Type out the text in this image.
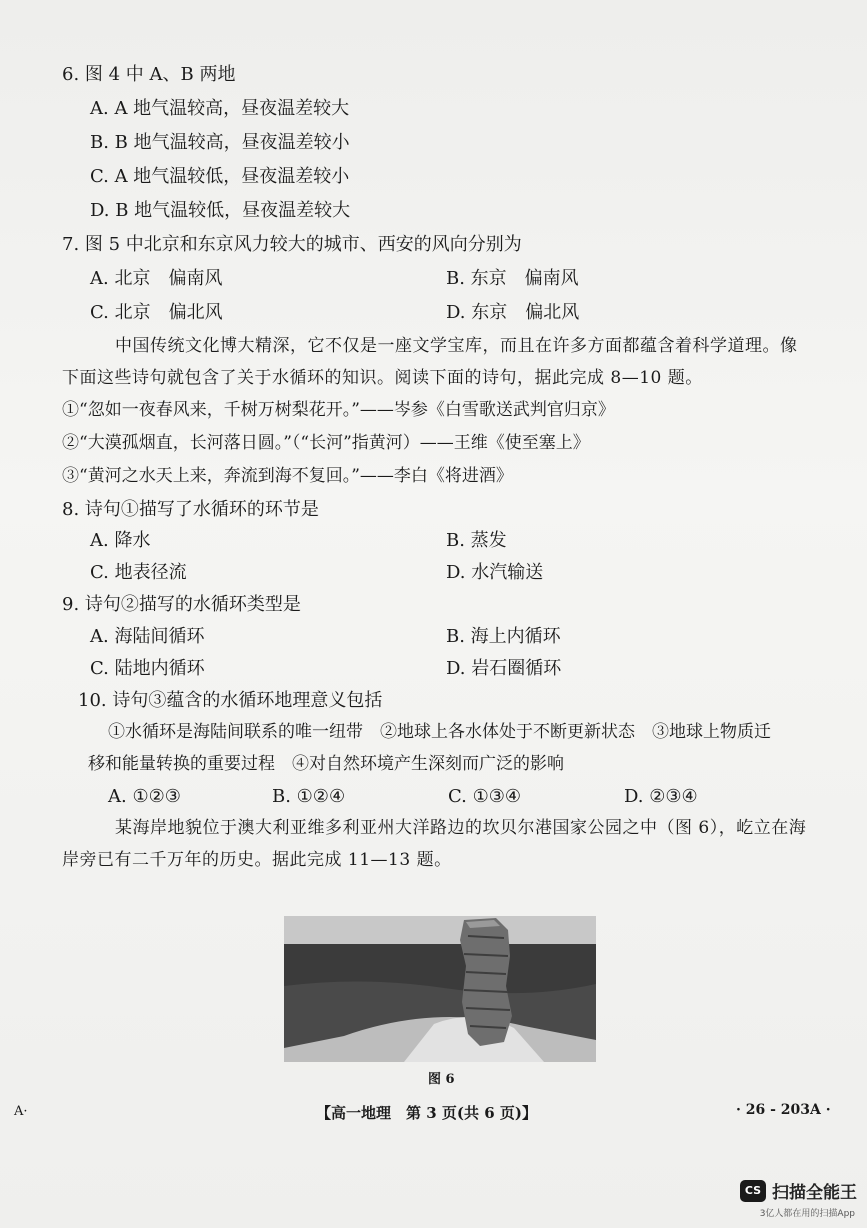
6. 图 4 中 A、B 两地
A. A 地气温较高，昼夜温差较大
B. B 地气温较高，昼夜温差较小
C. A 地气温较低，昼夜温差较小
D. B 地气温较低，昼夜温差较大
7. 图 5 中北京和东京风力较大的城市、西安的风向分别为
A. 北京　偏南风	B. 东京　偏南风
C. 北京　偏北风	D. 东京　偏北风
中国传统文化博大精深，它不仅是一座文学宝库，而且在许多方面都蕴含着科学道理。像
下面这些诗句就包含了关于水循环的知识。阅读下面的诗句，据此完成 8—10 题。
①“忽如一夜春风来，千树万树梨花开。”——岑参《白雪歌送武判官归京》
②“大漠孤烟直，长河落日圆。”（“长河”指黄河）——王维《使至塞上》
③“黄河之水天上来，奔流到海不复回。”——李白《将进酒》
8. 诗句①描写了水循环的环节是
A. 降水	B. 蒸发
C. 地表径流	D. 水汽输送
9. 诗句②描写的水循环类型是
A. 海陆间循环	B. 海上内循环
C. 陆地内循环	D. 岩石圈循环
10. 诗句③蕴含的水循环地理意义包括
①水循环是海陆间联系的唯一纽带　②地球上各水体处于不断更新状态　③地球上物质迁
移和能量转换的重要过程　④对自然环境产生深刻而广泛的影响
A. ①②③	B. ①②④	C. ①③④	D. ②③④
某海岸地貌位于澳大利亚维多利亚州大洋路边的坎贝尔港国家公园之中（图 6），屹立在海
岸旁已有二千万年的历史。据此完成 11—13 题。
图 6
A·	【高一地理　第 3 页(共 6 页)】	· 26 - 203A ·
CS 扫描全能王
3亿人都在用的扫描App
